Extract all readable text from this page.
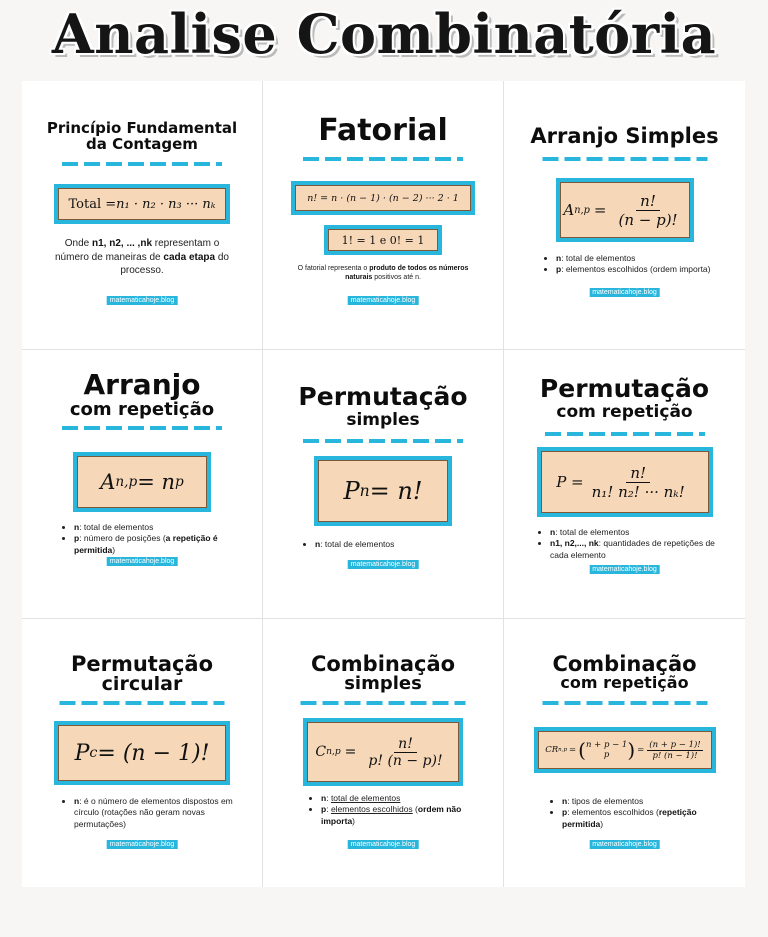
Analise Combinatória
Princípio Fundamental
da Contagem
Total = n₁ · n₂ · n₃ ··· nₖ
Onde n1, n2, ... ,nk representam o número de maneiras de cada etapa do processo.
matematicahoje.blog
Fatorial
n! = n · (n − 1) · (n − 2) ··· 2 · 1
1! = 1 e 0! = 1
O fatorial representa o produto de todos os números naturais positivos até n.
matematicahoje.blog
Arranjo Simples
A $n,p = \frac{n!}{(n - p)!}$
• n: total de elementos
• p: elementos escolhidos (ordem importa)
matematicahoje.blog
Arranjo
com repetição
A n,p = n p
• n: total de elementos
• p: número de posições (a repetição é permitida)
matematicahoje.blog
Permutação
simples
P n = n!
• n: total de elementos
matematicahoje.blog
Permutação
com repetição
$P = \frac{n!}{\text{n₁! n₂! ··· nₖ!}}$
• n: total de elementos
• n1, n2,..., nk: quantidades de repetições de cada elemento
matematicahoje.blog
Permutação
circular
P c = (n − 1)!
• n: é o número de elementos dispostos em círculo (rotações não geram novas permutações)
matematicahoje.blog
Combinação
simples
C $n,p = \frac{n!}{p! (n - p)!}$
• n: total de elementos
• p: elementos escolhidos (ordem não importa)
matematicahoje.blog
Combinação
com repetição
CR n,p = ( n + p − 1
p ) = $\frac{(n + p - 1)!}{p! (n - 1)!}$
• n: tipos de elementos
• p: elementos escolhidos (repetição permitida)
matematicahoje.blog
